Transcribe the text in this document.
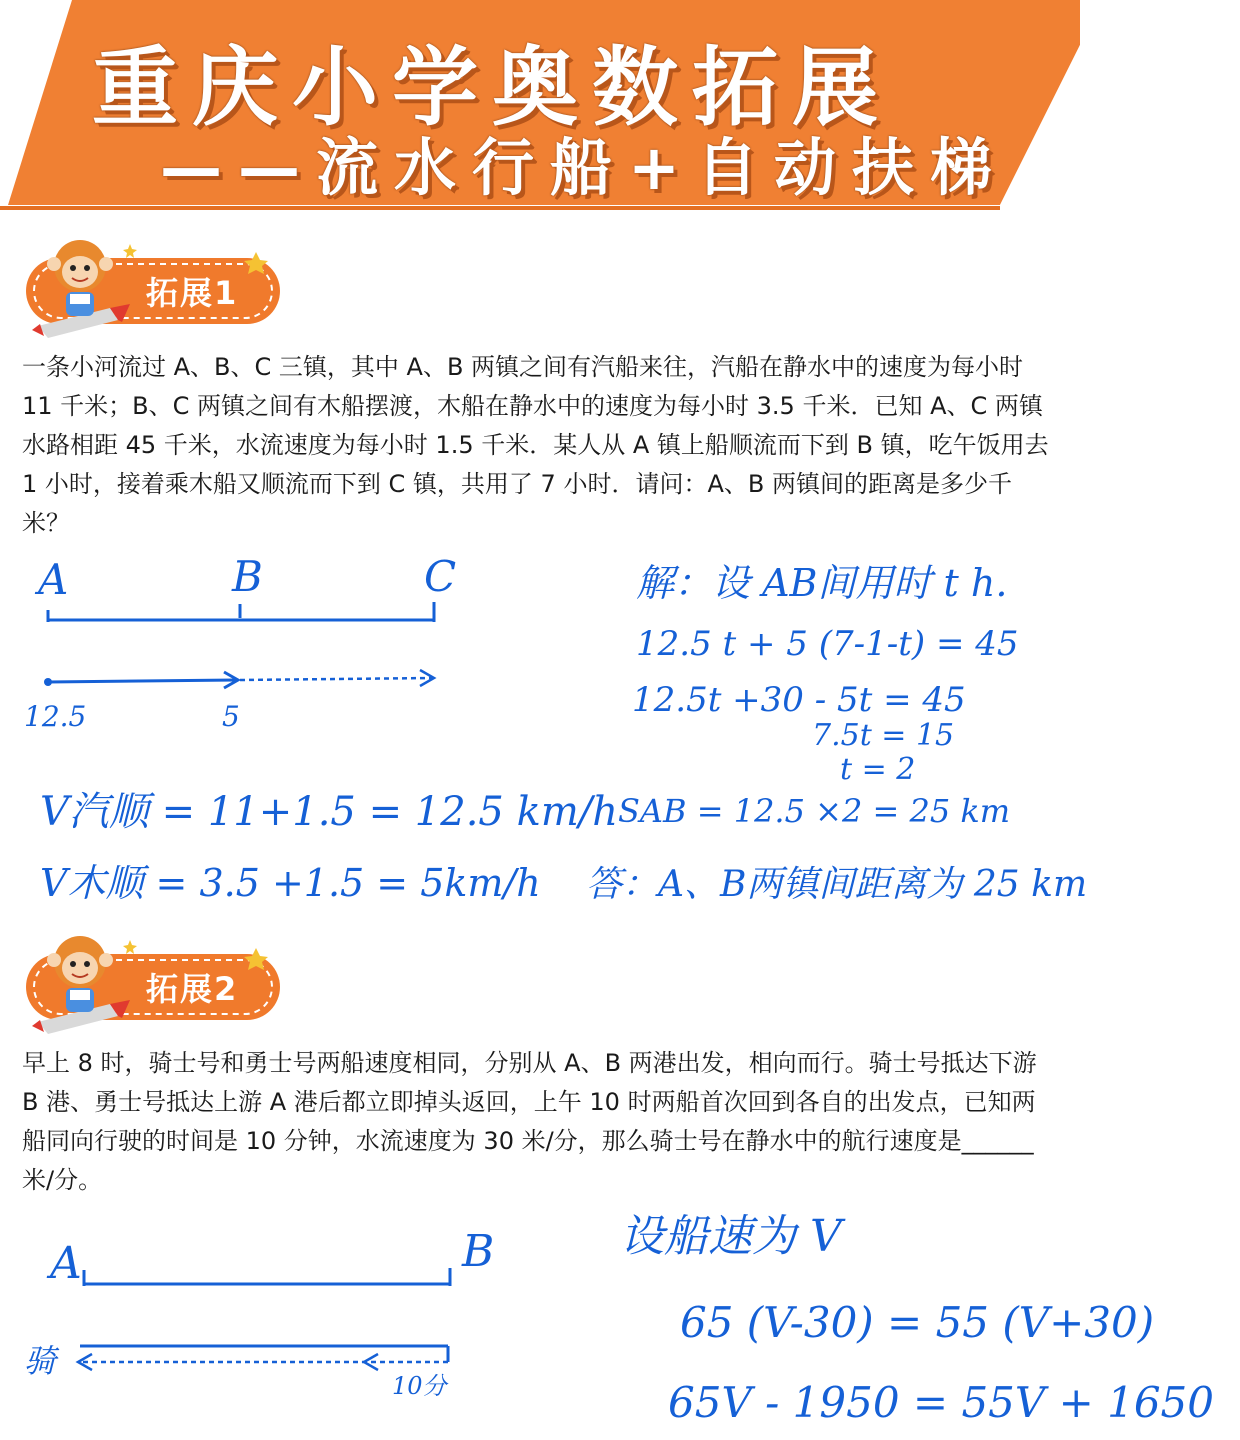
重庆小学奥数拓展
——流水行船+自动扶梯
拓展1

一条小河流过 A、B、C 三镇，其中 A、B 两镇之间有汽船来往，汽船在静水中的速度为每小时 11 千米；B、C 两镇之间有木船摆渡，木船在静水中的速度为每小时 3.5 千米．已知 A、C 两镇水路相距 45 千米，水流速度为每小时 1.5 千米．某人从 A 镇上船顺流而下到 B 镇，吃午饭用去 1 小时，接着乘木船又顺流而下到 C 镇，共用了 7 小时．请问：A、B 两镇间的距离是多少千米？

A	B	C
12.5	5
V汽顺 = 11+1.5 = 12.5 km/h
V木顺 = 3.5 +1.5 = 5km/h
解：设 AB间用时 t h.
12.5 t + 5 (7-1-t) = 45
12.5t +30 - 5t = 45
7.5t = 15
t = 2
SAB = 12.5 ×2 = 25 km
答：A、B两镇间距离为 25 km
拓展2

早上 8 时，骑士号和勇士号两船速度相同，分别从 A、B 两港出发，相向而行。骑士号抵达下游 B 港、勇士号抵达上游 A 港后都立即掉头返回，上午 10 时两船首次回到各自的出发点，已知两船同向行驶的时间是 10 分钟，水流速度为 30 米/分，那么骑士号在静水中的航行速度是______米/分。

A	B
骑
10分
设船速为 V
65 (V-30) = 55 (V+30)
65V - 1950 = 55V + 1650
